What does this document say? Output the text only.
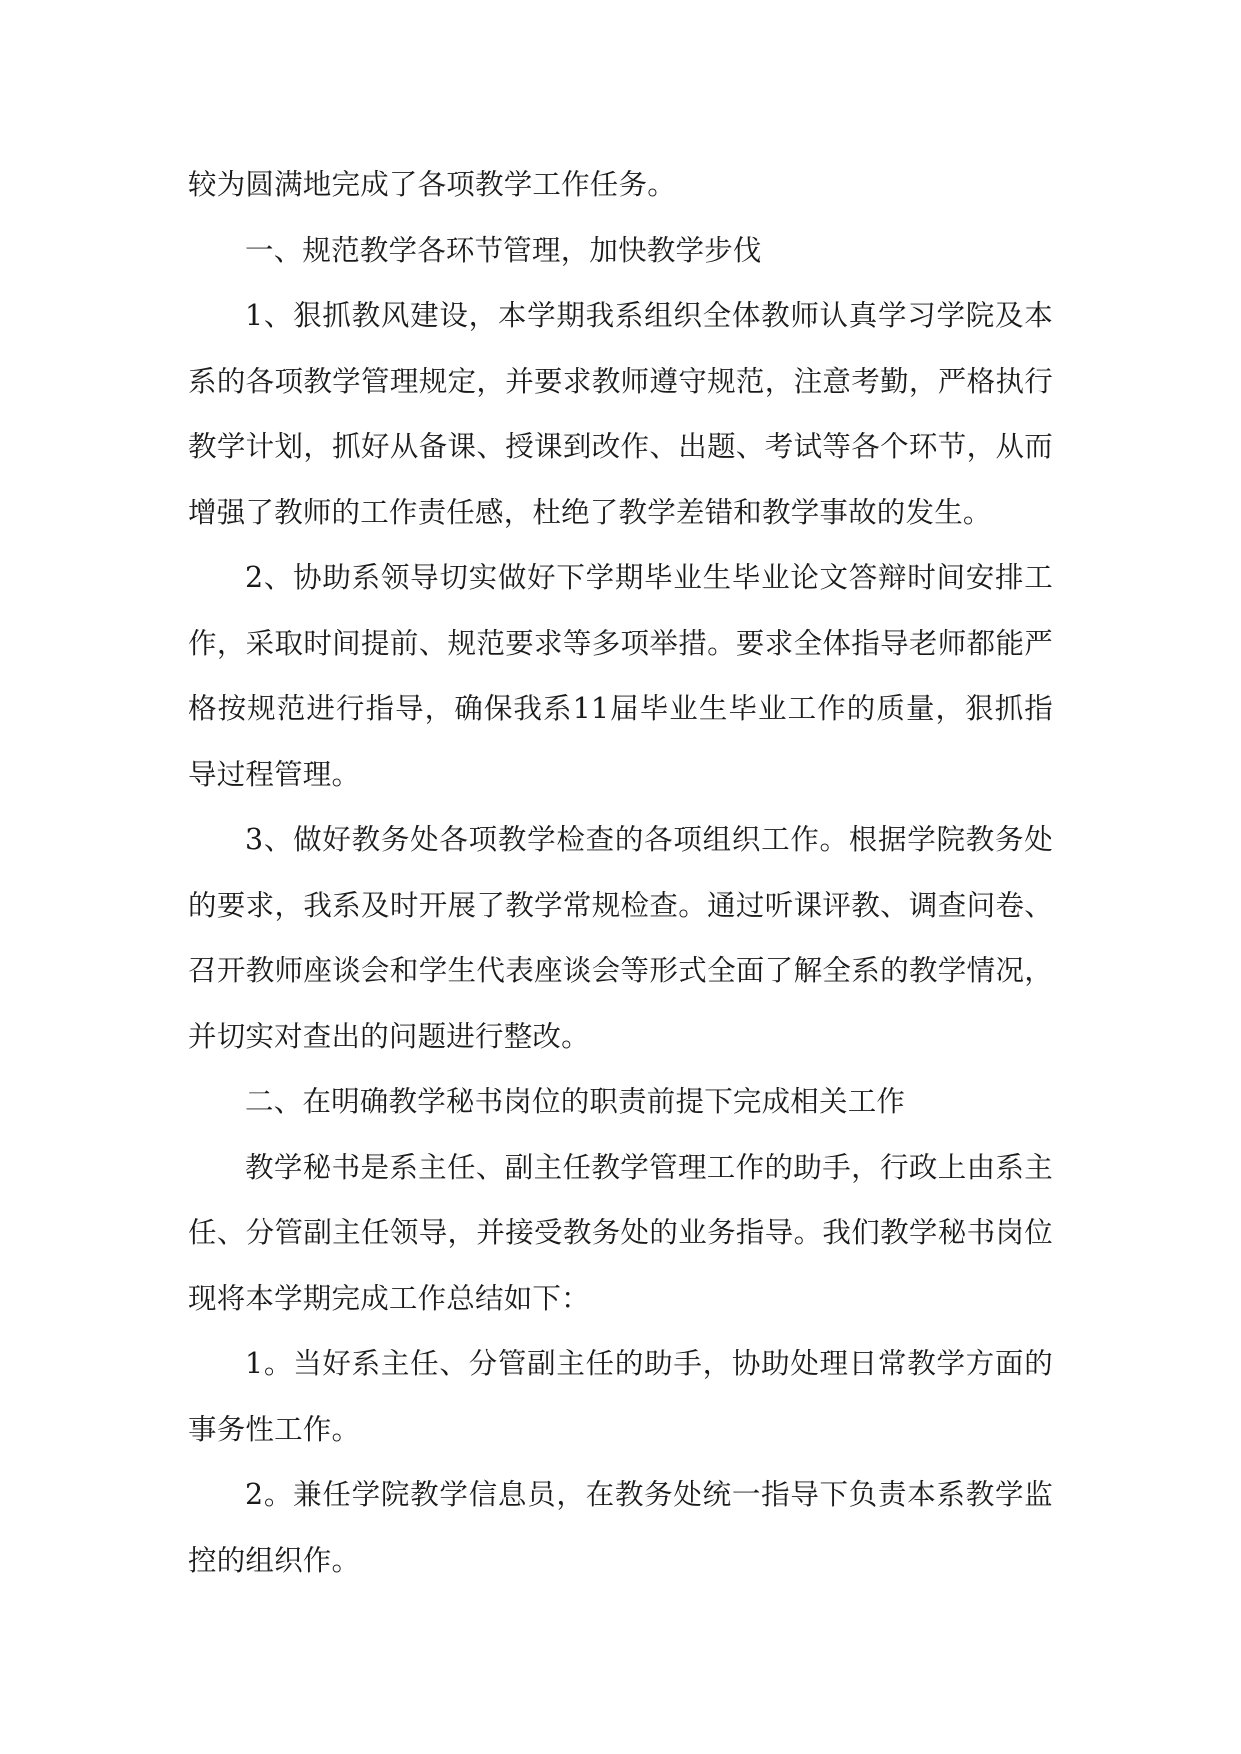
较为圆满地完成了各项教学工作任务。

一、规范教学各环节管理，加快教学步伐

1、狠抓教风建设，本学期我系组织全体教师认真学习学院及本系的各项教学管理规定，并要求教师遵守规范，注意考勤，严格执行教学计划，抓好从备课、授课到改作、出题、考试等各个环节，从而增强了教师的工作责任感，杜绝了教学差错和教学事故的发生。

2、协助系领导切实做好下学期毕业生毕业论文答辩时间安排工作，采取时间提前、规范要求等多项举措。要求全体指导老师都能严格按规范进行指导，确保我系11届毕业生毕业工作的质量，狠抓指导过程管理。

3、做好教务处各项教学检查的各项组织工作。根据学院教务处的要求，我系及时开展了教学常规检查。通过听课评教、调查问卷、召开教师座谈会和学生代表座谈会等形式全面了解全系的教学情况，并切实对查出的问题进行整改。

二、在明确教学秘书岗位的职责前提下完成相关工作

教学秘书是系主任、副主任教学管理工作的助手，行政上由系主任、分管副主任领导，并接受教务处的业务指导。我们教学秘书岗位现将本学期完成工作总结如下：

1。当好系主任、分管副主任的助手，协助处理日常教学方面的事务性工作。

2。兼任学院教学信息员，在教务处统一指导下负责本系教学监控的组织作。
